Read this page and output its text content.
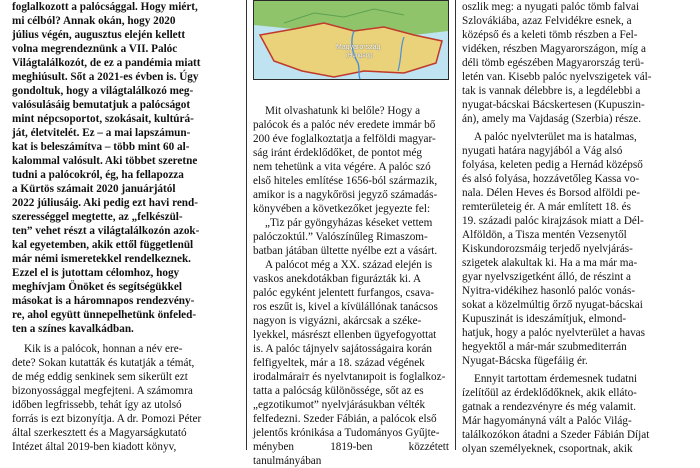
foglalkozott a palócsággal. Hogy miért,
mi célból? Annak okán, hogy 2020
július végén, augusztus elején kellett
volna megrendeznünk a VII. Palóc
Világtalálkozót, de ez a pandémia miatt
meghiúsult. Sőt a 2021-es évben is. Úgy
gondoltuk, hogy a világtalálkozó meg-
valósulásáig bemutatjuk a palócságot
mint népcsoportot, szokásait, kultúrá-
ját, életvitelét. Ez – a mai lapszámun-
kat is beleszámítva – több mint 60 al-
kalommal valósult. Aki többet szeretne
tudni a palócokról, ég, ha fellapozza
a Kürtös számait 2020 januárjától
2022 júliusáig. Aki pedig ezt havi rend-
szerességgel megtette, az „felkészül-
ten” vehet részt a világtalálkozón azok-
kal egyetemben, akik ettől függetlenül
már némi ismeretekkel rendelkeznek.
Ezzel el is jutottam célomhoz, hogy
meghívjam Önöket és segítségükkel
másokat is a háromnapos rendezvény-
re, ahol együtt ünnepelhetünk önfeled-
ten a színes kavalkádban.
Kik is a palócok, honnan a név ere-
dete? Sokan kutatták és kutatják a témát,
de még eddig senkinek sem sikerült ezt
bizonyossággal megfejteni. A számomra
időben legfrissebb, tehát így az utolsó
forrás is ezt bizonyítja. A dr. Pomozi Péter
által szerkesztett és a Magyarságkutató
Intézet által 2019-ben kiadott könyv,
Magyarország
(Hungary)
Mit olvashatunk ki belőle? Hogy a
palócok és a palóc név eredete immár bő
200 éve foglalkoztatja a felföldi magyar-
ság iránt érdeklődőket, de pontot még
nem tehetünk a vita végére. A palóc szó
első hiteles említése 1656-ból származik,
amikor is a nagykőrösi jegyző számadás-
könyvében a következőket jegyezte fel:
„Tiz pár gyöngyházas késeket vettem
palóczoktúl.” Valószínűleg Rimaszom-
batban játában ültette nyélbe ezt a vásárt.
A palócot még a XX. század elején is
vaskos anekdotákban figurázták ki. A
palóc egyként jelentett furfangos, csava-
ros eszűt is, kivel a kívülállónak tanácsos
nagyon is vigyázni, akárcsak a széke-
lyekkel, másrészt ellenben ügyefogyottat
is. A palóc tájnyelv sajátosságaira korán
felfigyeltek, már a 18. század végének
irodalmáraiт és nyelvtanироit is foglalkoz-
tatta a palócság különössége, sőt az es
„egzotikumot” nyelvjárásukban vélték
felfedezni. Szeder Fábián, a palócok első
jelentős krónikása a Tudományos Gyűjte-
ményben 1819-ben közzétett tanulmányában
oszlik meg: a nyugati palóc tömb falvai
Szlovákiába, azaz Felvidékre esnek, a
középső és a keleti tömb részben a Fel-
vidéken, részben Magyarországon, míg a
déli tömb egészében Magyarország terü-
letén van. Kisebb palóc nyelvszigetek vál-
tak is vannak délebbre is, a legdélebbi a
nyugat-bácskai Bácskertesen (Kupuszin-
án), amely ma Vajdaság (Szerbia) része.
A palóc nyelvterület ma is hatalmas,
nyugati határa nagyjából a Vág alsó
folyása, keleten pedig a Hernád középső
és alsó folyása, hozzávetőleg Kassa vo-
nala. Délen Heves és Borsod alföldi pe-
remterületeig ér. A már említett 18. és
19. századi palóc kirajzások miatt a Dél-
Alföldön, a Tisza mentén Vezsenytől
Kiskundorozsmáig terjedő nyelvjárás-
szigetek alakultak ki. Ha a ma már ma-
gyar nyelvszigetként álló, de részint a
Nyitra-vidékihez hasonló palóc vonás-
sokat a közelmúltig őrző nyugat-bácskai
Kupuszinát is ideszámítjuk, elmond-
hatjuk, hogy a palóc nyelvterület a havas
hegyektől a már-már szubmediterrán
Nyugat-Bácska fügefáiig ér.
Ennyit tartottam érdemesnek tudatni
ízelítőül az érdeklődőknek, akik ellátо-
gatnak a rendezvényre és még valamit.
Már hagyományná vált a Palóc Világ-
találkozókon átadni a Szeder Fábián Díjat
olyan személyeknek, csoportnak, akik
